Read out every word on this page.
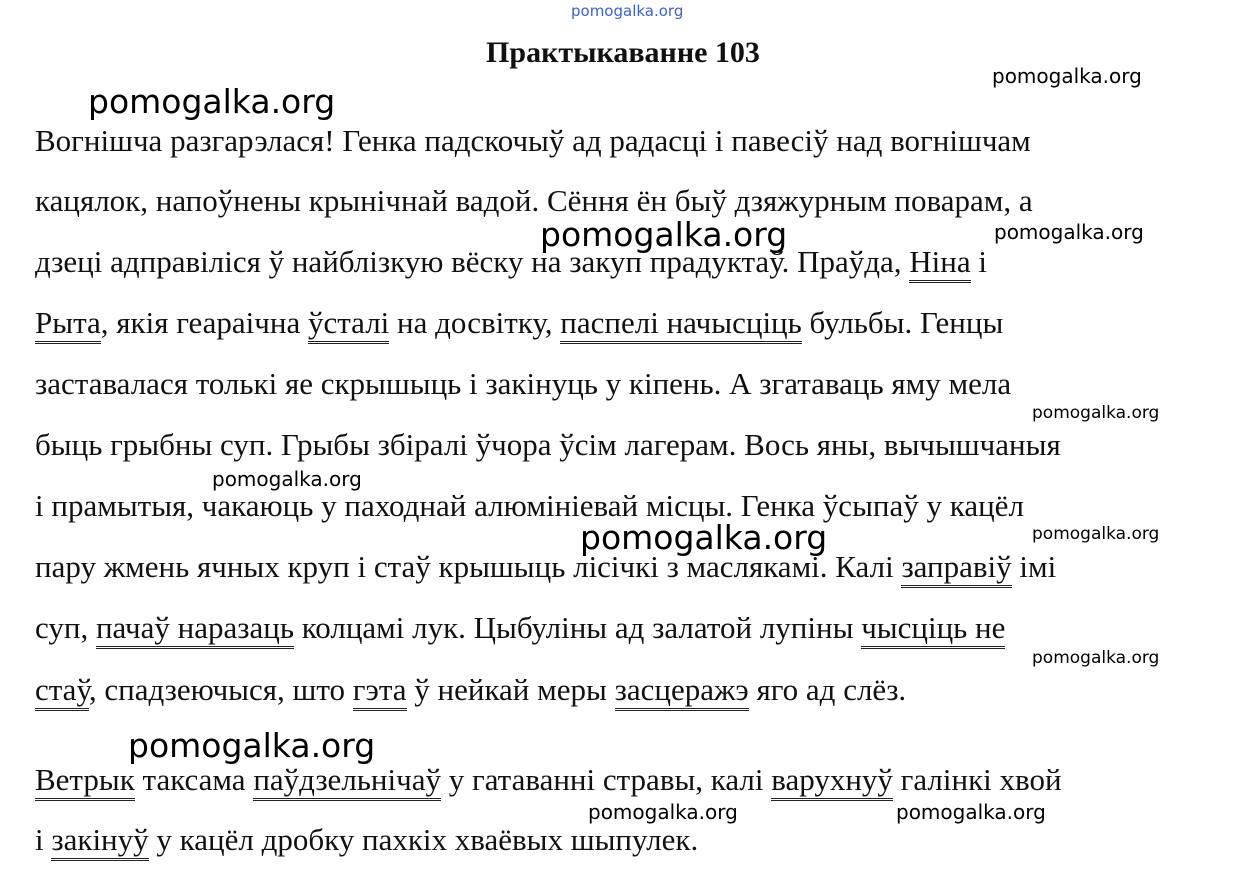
pomogalka.org
pomogalka.org
pomogalka.org
pomogalka.org	pomogalka.org
pomogalka.org
pomogalka.org
pomogalka.org	pomogalka.org
pomogalka.org
pomogalka.org
pomogalka.org	pomogalka.org
Практыкаванне 103
Вогнішча разгарэлася! Генка падскочыў ад радасці і павесіў над вогнішчам
кацялок, напоўнены крынічнай вадой. Сёння ён быў дзяжурным поварам, а
дзеці адправіліся ў найблізкую вёску на закуп прадуктаў. Праўда, Ніна і
Рыта, якія геараічна ўсталі на досвітку, паспелі начысціць бульбы. Генцы
заставалася толькі яе скрышыць і закінуць у кіпень. А згатаваць яму мела
быць грыбны суп. Грыбы збіралі ўчора ўсім лагерам. Вось яны, вычышчаныя
і прамытыя, чакаюць у паходнай алюмініевай місцы. Генка ўсыпаў у кацёл
пару жмень ячных круп і стаў крышыць лісічкі з маслякамі. Калі заправіў імі
суп, пачаў наразаць колцамі лук. Цыбуліны ад залатой лупіны чысціць не
стаў, спадзеючыся, што гэта ў нейкай меры засцеражэ яго ад слёз.
Ветрык таксама паўдзельнічаў у гатаванні стравы, калі варухнуў галінкі хвой
і закінуў у кацёл дробку пахкіх хваёвых шыпулек.
